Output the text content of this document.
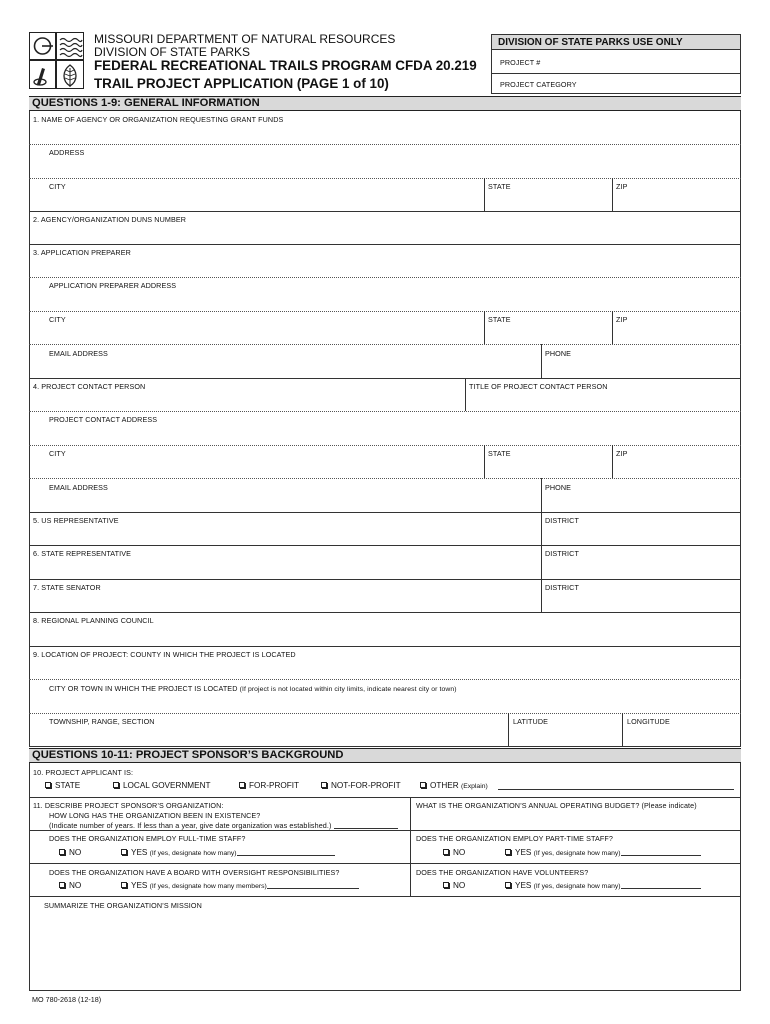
MISSOURI DEPARTMENT OF NATURAL RESOURCES
DIVISION OF STATE PARKS
FEDERAL RECREATIONAL TRAILS PROGRAM CFDA 20.219
TRAIL PROJECT APPLICATION (PAGE 1 of 10)
DIVISION OF STATE PARKS USE ONLY
PROJECT #
PROJECT CATEGORY
QUESTIONS 1-9: GENERAL INFORMATION
1. NAME OF AGENCY OR ORGANIZATION REQUESTING GRANT FUNDS
ADDRESS
CITY	STATE	ZIP
2. AGENCY/ORGANIZATION DUNS NUMBER
3. APPLICATION PREPARER
APPLICATION PREPARER ADDRESS
CITY	STATE	ZIP
EMAIL ADDRESS	PHONE
4. PROJECT CONTACT PERSON	TITLE OF PROJECT CONTACT PERSON
PROJECT CONTACT ADDRESS
CITY	STATE	ZIP
EMAIL ADDRESS	PHONE
5. US REPRESENTATIVE	DISTRICT
6. STATE REPRESENTATIVE	DISTRICT
7. STATE SENATOR	DISTRICT
8. REGIONAL PLANNING COUNCIL
9. LOCATION OF PROJECT: COUNTY IN WHICH THE PROJECT IS LOCATED
CITY OR TOWN IN WHICH THE PROJECT IS LOCATED (If project is not located within city limits, indicate nearest city or town)
TOWNSHIP, RANGE, SECTION	LATITUDE	LONGITUDE
QUESTIONS 10-11: PROJECT SPONSOR’S BACKGROUND
10. PROJECT APPLICANT IS:
STATE	LOCAL GOVERNMENT	FOR-PROFIT	NOT-FOR-PROFIT	OTHER (Explain)
11. DESCRIBE PROJECT SPONSOR’S ORGANIZATION:
HOW LONG HAS THE ORGANIZATION BEEN IN EXISTENCE?
(Indicate number of years. If less than a year, give date organization was established.)
WHAT IS THE ORGANIZATION’S ANNUAL OPERATING BUDGET? (Please indicate)
DOES THE ORGANIZATION EMPLOY FULL-TIME STAFF?	DOES THE ORGANIZATION EMPLOY PART-TIME STAFF?
NO	YES (If yes, designate how many)	NO	YES (If yes, designate how many)
DOES THE ORGANIZATION HAVE A BOARD WITH OVERSIGHT RESPONSIBILITIES?	DOES THE ORGANIZATION HAVE VOLUNTEERS?
NO	YES (If yes, designate how many members)	NO	YES (If yes, designate how many)
SUMMARIZE THE ORGANIZATION’S MISSION
MO 780-2618 (12-18)
